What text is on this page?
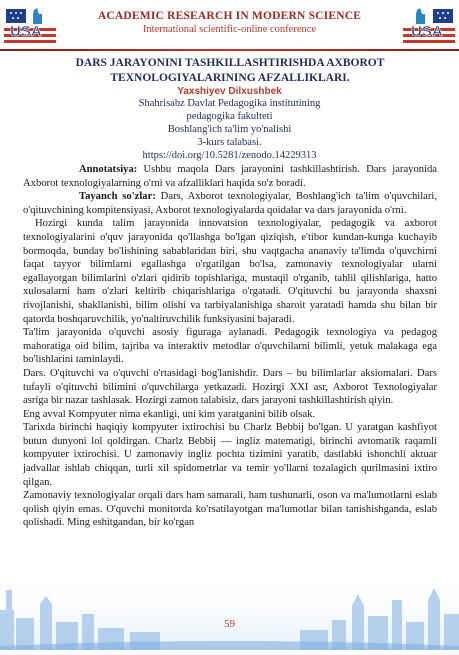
USA	USA
ACADEMIC RESEARCH IN MODERN SCIENCE
International scientific-online conference
DARS JARAYONINI TASHKILLASHTIRISHDA AXBOROT TEXNOLOGIYALARINING AFZALLIKLARI.
Yaxshiyev Dilxushbek
Shahrisabz Davlat Pedagogika institutining
pedagogika fakulteti
Boshlang'ich ta'lim yo'nalishi
3-kurs talabasi.
https://doi.org/10.5281/zenodo.14229313

Annotatsiya: Ushbu maqola Dars jarayonini tashkillashtirish. Dars jarayonida Axborot texnologiyalarning o'rni va afzalliklari haqida so'z boradi.

Tayanch so'zlar: Dars, Axborot texnologiyalar, Boshlang'ich ta'lim o'quvchilari, o'qituvchining kompitensiyasi, Axborot texnologiyalarda qoidalar va dars jarayonida o'rni.

Hozirgi kunda talim jarayonida innovatsion texnologiyalar, pedagogik va axborot texnologiyalarini o'quv jarayonida qo'llashga bo'lgan qiziqish, e'tibor kundan-kunga kuchayib bormoqda, bunday bo'lishining sabablaridan biri, shu vaqtgacha ananaviy ta'limda o'quvchirni faqat tayyor bilimlarni egallashga o'rgatilgan bo'lsa, zamonaviy texnologiyalar ularni egallayotgan bilimlarini o'zlari qidirib topishlariga, mustaqil o'rganib, tahlil qilishlariga, hatto xulosalarni ham o'zlari keltirib chiqarishlariga o'rgatadi. O'qituvchi bu jarayonda shaxsni rivojlanishi, shakllanishi, bilim olishi va tarbiyalanishiga sharoit yaratadi hamda shu bilan bir qatorda boshqaruvchilik, yo'naltiruvchilik funksiyasini bajaradi.

Ta'lim jarayonida o'quvchi asosiy figuraga aylanadi. Pedagogik texnologiya va pedagog mahoratiga oid bilim, tajriba va interaktiv metodlar o'quvchilarni bilimli, yetuk malakaga ega bo'lishlarini taminlaydi.

Dars. O'qituvchi va o'quvchi o'rtasidagi bog'lanishdir. Dars – bu bilimlarlar aksiomalari. Dars tufayli o'qituvchi bilimini o'quvchilarga yetkazadi. Hozirgi XXI asr, Axborot Texnologiyalar asriga bir nazar tashlasak. Hozirgi zamon talabisiz, dars jarayoni tashkillashtirish qiyin.

Eng avval Kompyuter nima ekanligi, uni kim yaratganini bilib olsak.

Tarixda birinchi haqiqiy kompyuter ixtirochisi bu Charlz Bebbij bo'lgan. U yaratgan kashfiyot butun dunyoni lol qoldirgan. Charlz Bebbij — ingliz matematigi, birinchi avtomatik raqamli kompyuter ixtirochisi. U zamonaviy ingliz pochta tizimini yaratib, dastlabki ishonchli aktuar jadvallar ishlab chiqqan, turli xil spidometrlar va temir yo'llarni tozalagich qurilmasini ixtiro qilgan.

Zamonaviy texnologiyalar orqali dars ham samarali, ham tushunarli, oson va ma'lumotlarni eslab qolish qiyin emas. O'quvchi monitorda ko'rsatilayotgan ma'lumotlar bilan tanishishganda, eslab qolishadi. Ming eshitgandan, bir ko'rgan

59
